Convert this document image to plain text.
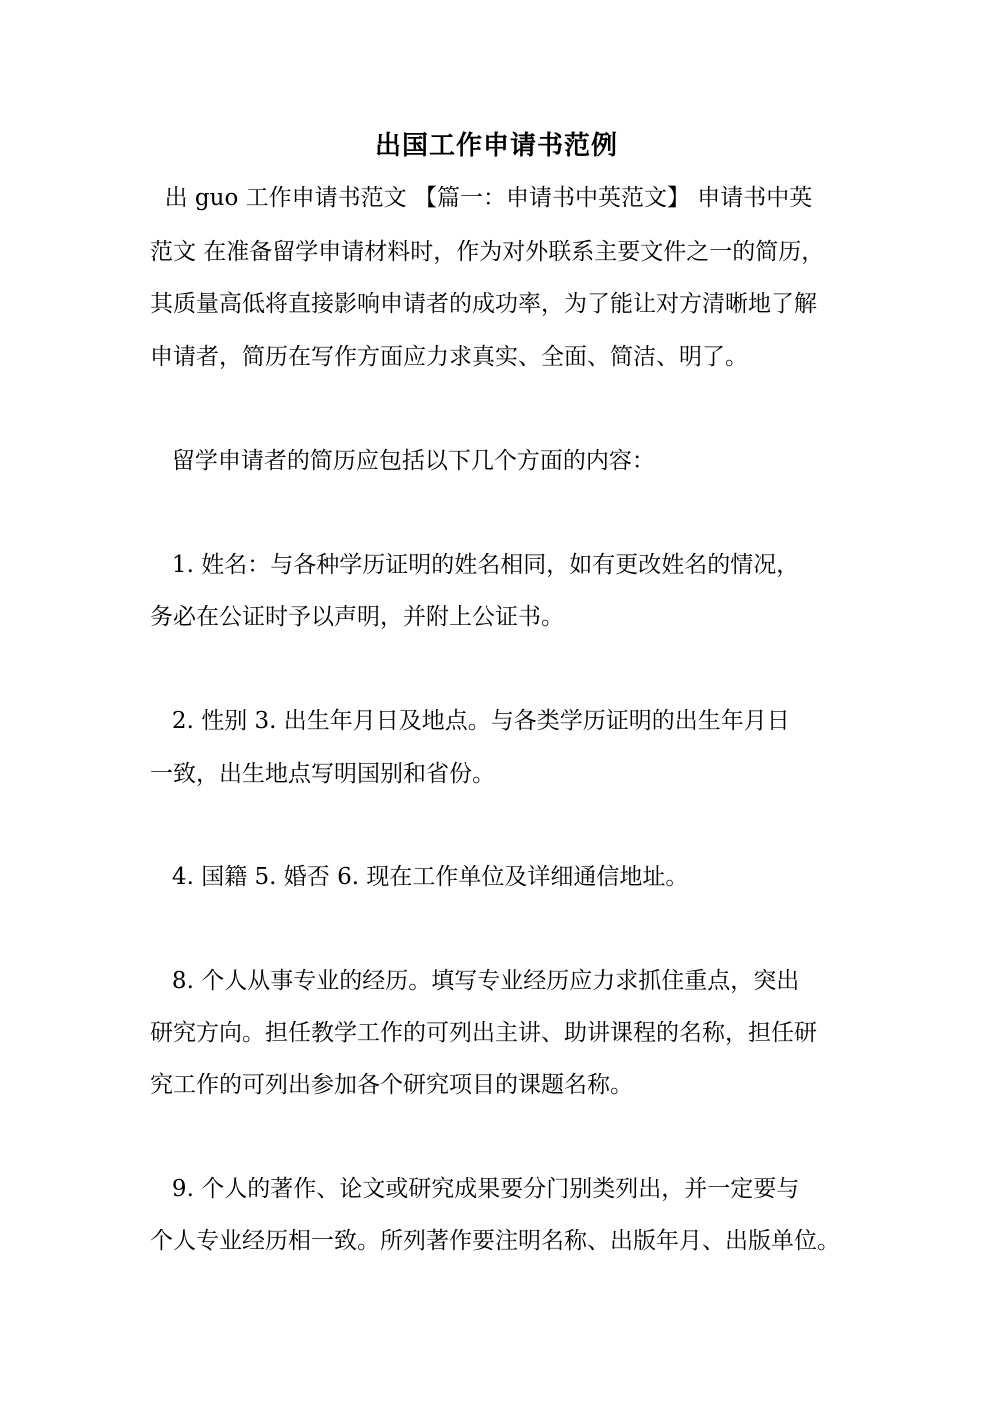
出国工作申请书范例
出 guo 工作申请书范文 【篇一：申请书中英范文】 申请书中英
范文 在准备留学申请材料时，作为对外联系主要文件之一的简历，
其质量高低将直接影响申请者的成功率，为了能让对方清晰地了解
申请者，简历在写作方面应力求真实、全面、简洁、明了。
留学申请者的简历应包括以下几个方面的内容：
1. 姓名：与各种学历证明的姓名相同，如有更改姓名的情况，
务必在公证时予以声明，并附上公证书。
2. 性别 3. 出生年月日及地点。与各类学历证明的出生年月日
一致，出生地点写明国别和省份。
4. 国籍 5. 婚否 6. 现在工作单位及详细通信地址。
8. 个人从事专业的经历。填写专业经历应力求抓住重点，突出
研究方向。担任教学工作的可列出主讲、助讲课程的名称，担任研
究工作的可列出参加各个研究项目的课题名称。
9. 个人的著作、论文或研究成果要分门别类列出，并一定要与
个人专业经历相一致。所列著作要注明名称、出版年月、出版单位。
